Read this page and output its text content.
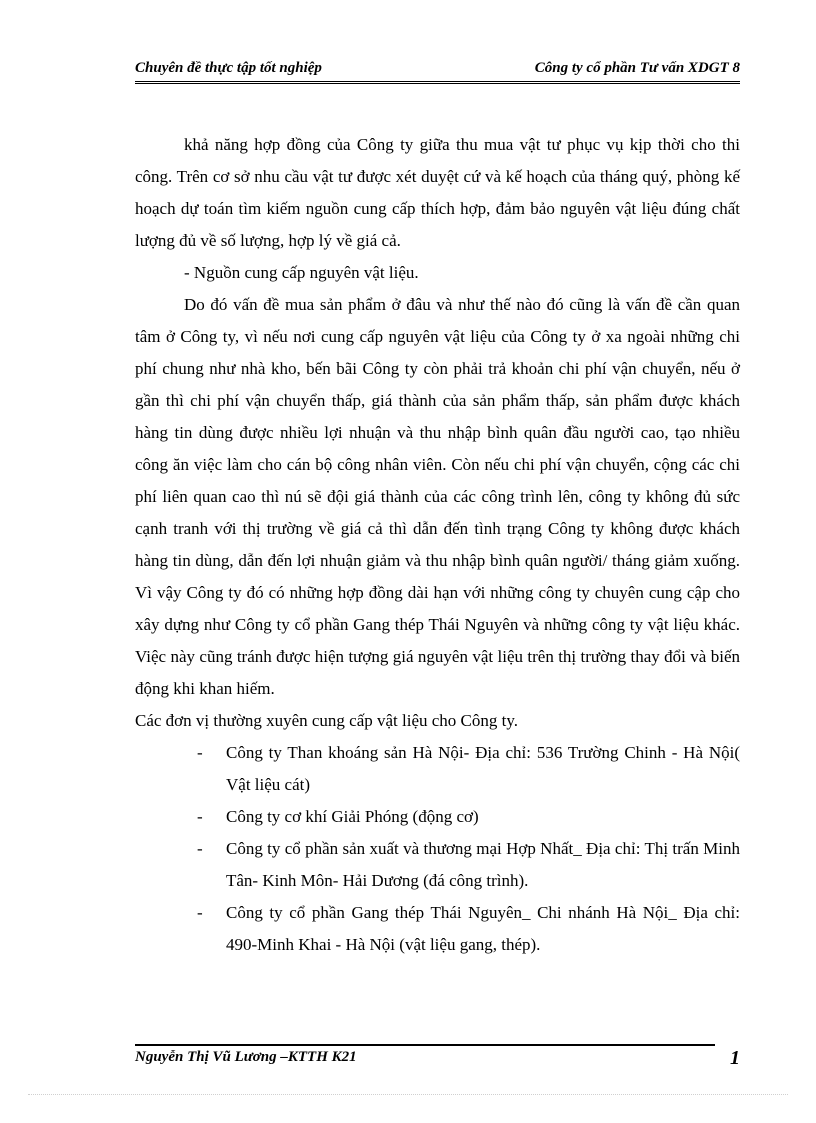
Chuyên đề thực tập tốt nghiệp	Công ty cổ phần Tư vấn XDGT 8

khả năng hợp đồng của Công ty giữa thu mua vật tư phục vụ kịp thời cho thi công. Trên cơ sở nhu cầu vật tư được xét duyệt cứ và kế hoạch của tháng quý, phòng kế hoạch dự toán tìm kiếm nguồn cung cấp thích hợp, đảm bảo nguyên vật liệu đúng chất lượng đủ về số lượng, hợp lý về giá cả.

- Nguồn cung cấp nguyên vật liệu.

Do đó vấn đề mua sản phẩm ở đâu và như thế nào đó cũng là vấn đề cần quan tâm ở Công ty, vì nếu nơi cung cấp nguyên vật liệu của Công ty ở xa ngoài những chi phí chung như nhà kho, bến bãi Công ty còn phải trả khoản chi phí vận chuyển, nếu ở gần thì chi phí vận chuyển thấp, giá thành của sản phẩm thấp, sản phẩm được khách hàng tin dùng được nhiều lợi nhuận và thu nhập bình quân đầu người cao, tạo nhiều công ăn việc làm cho cán bộ công nhân viên. Còn nếu chi phí vận chuyển, cộng các chi phí liên quan cao thì nú sẽ đội giá thành của các công trình lên, công ty không đủ sức cạnh tranh với thị trường về giá cả thì dẫn đến tình trạng Công ty không được khách hàng tin dùng, dẫn đến lợi nhuận giảm và thu nhập bình quân người/ tháng giảm xuống. Vì vậy Công ty đó có những hợp đồng dài hạn với những công ty chuyên cung cập cho xây dựng như Công ty cổ phần Gang thép Thái Nguyên và những công ty vật liệu khác. Việc này cũng tránh được hiện tượng giá nguyên vật liệu trên thị trường thay đổi và biến động khi khan hiếm.

Các đơn vị thường xuyên cung cấp vật liệu cho Công ty.

- Công ty Than khoáng sản Hà Nội- Địa chỉ: 536 Trường Chinh - Hà Nội( Vật liệu cát)
- Công ty cơ khí Giải Phóng (động cơ)
- Công ty cổ phần sản xuất và thương mại Hợp Nhất_ Địa chỉ: Thị trấn Minh Tân- Kinh Môn- Hải Dương (đá công trình).
- Công ty cổ phần Gang thép Thái Nguyên_ Chi nhánh Hà Nội_ Địa chỉ: 490-Minh Khai - Hà Nội (vật liệu gang, thép).
Nguyễn Thị Vũ Lương –KTTH K21	1
